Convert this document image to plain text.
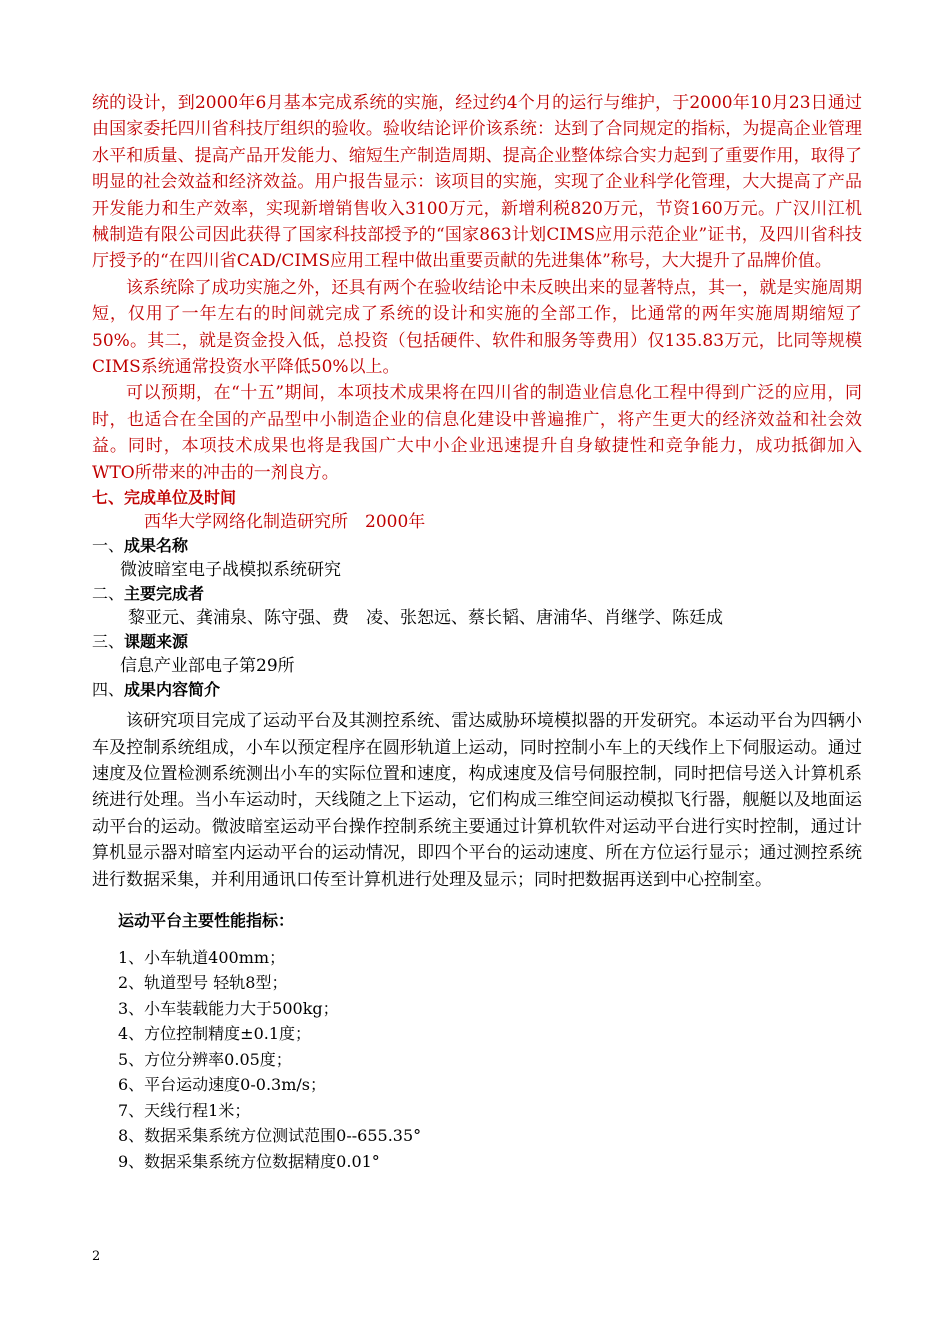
统的设计，到2000年6月基本完成系统的实施，经过约4个月的运行与维护，于2000年10月23日通过由国家委托四川省科技厅组织的验收。验收结论评价该系统：达到了合同规定的指标，为提高企业管理水平和质量、提高产品开发能力、缩短生产制造周期、提高企业整体综合实力起到了重要作用，取得了明显的社会效益和经济效益。用户报告显示：该项目的实施，实现了企业科学化管理，大大提高了产品开发能力和生产效率，实现新增销售收入3100万元，新增利税820万元，节资160万元。广汉川江机械制造有限公司因此获得了国家科技部授予的“国家863计划CIMS应用示范企业”证书，及四川省科技厅授予的“在四川省CAD/CIMS应用工程中做出重要贡献的先进集体”称号，大大提升了品牌价值。

该系统除了成功实施之外，还具有两个在验收结论中未反映出来的显著特点，其一，就是实施周期短，仅用了一年左右的时间就完成了系统的设计和实施的全部工作，比通常的两年实施周期缩短了50%。其二，就是资金投入低，总投资（包括硬件、软件和服务等费用）仅135.83万元，比同等规模CIMS系统通常投资水平降低50%以上。

可以预期，在“十五”期间，本项技术成果将在四川省的制造业信息化工程中得到广泛的应用，同时，也适合在全国的产品型中小制造企业的信息化建设中普遍推广，将产生更大的经济效益和社会效益。同时，本项技术成果也将是我国广大中小企业迅速提升自身敏捷性和竞争能力，成功抵御加入WTO所带来的冲击的一剂良方。

七、完成单位及时间

西华大学网络化制造研究所　2000年

一、成果名称

微波暗室电子战模拟系统研究

二、主要完成者

黎亚元、龚浦泉、陈守强、费　凌、张恕远、蔡长韬、唐浦华、肖继学、陈廷成

三、课题来源

信息产业部电子第29所

四、成果内容简介

该研究项目完成了运动平台及其测控系统、雷达威胁环境模拟器的开发研究。本运动平台为四辆小车及控制系统组成，小车以预定程序在圆形轨道上运动，同时控制小车上的天线作上下伺服运动。通过速度及位置检测系统测出小车的实际位置和速度，构成速度及信号伺服控制，同时把信号送入计算机系统进行处理。当小车运动时，天线随之上下运动，它们构成三维空间运动模拟飞行器，舰艇以及地面运动平台的运动。微波暗室运动平台操作控制系统主要通过计算机软件对运动平台进行实时控制，通过计算机显示器对暗室内运动平台的运动情况，即四个平台的运动速度、所在方位运行显示；通过测控系统进行数据采集，并利用通讯口传至计算机进行处理及显示；同时把数据再送到中心控制室。

运动平台主要性能指标：

1、小车轨道400mm；
2、轨道型号 轻轨8型；
3、小车装载能力大于500kg；
4、方位控制精度±0.1度；
5、方位分辨率0.05度；
6、平台运动速度0-0.3m/s；
7、天线行程1米；
8、数据采集系统方位测试范围0--655.35°
9、数据采集系统方位数据精度0.01°
2
